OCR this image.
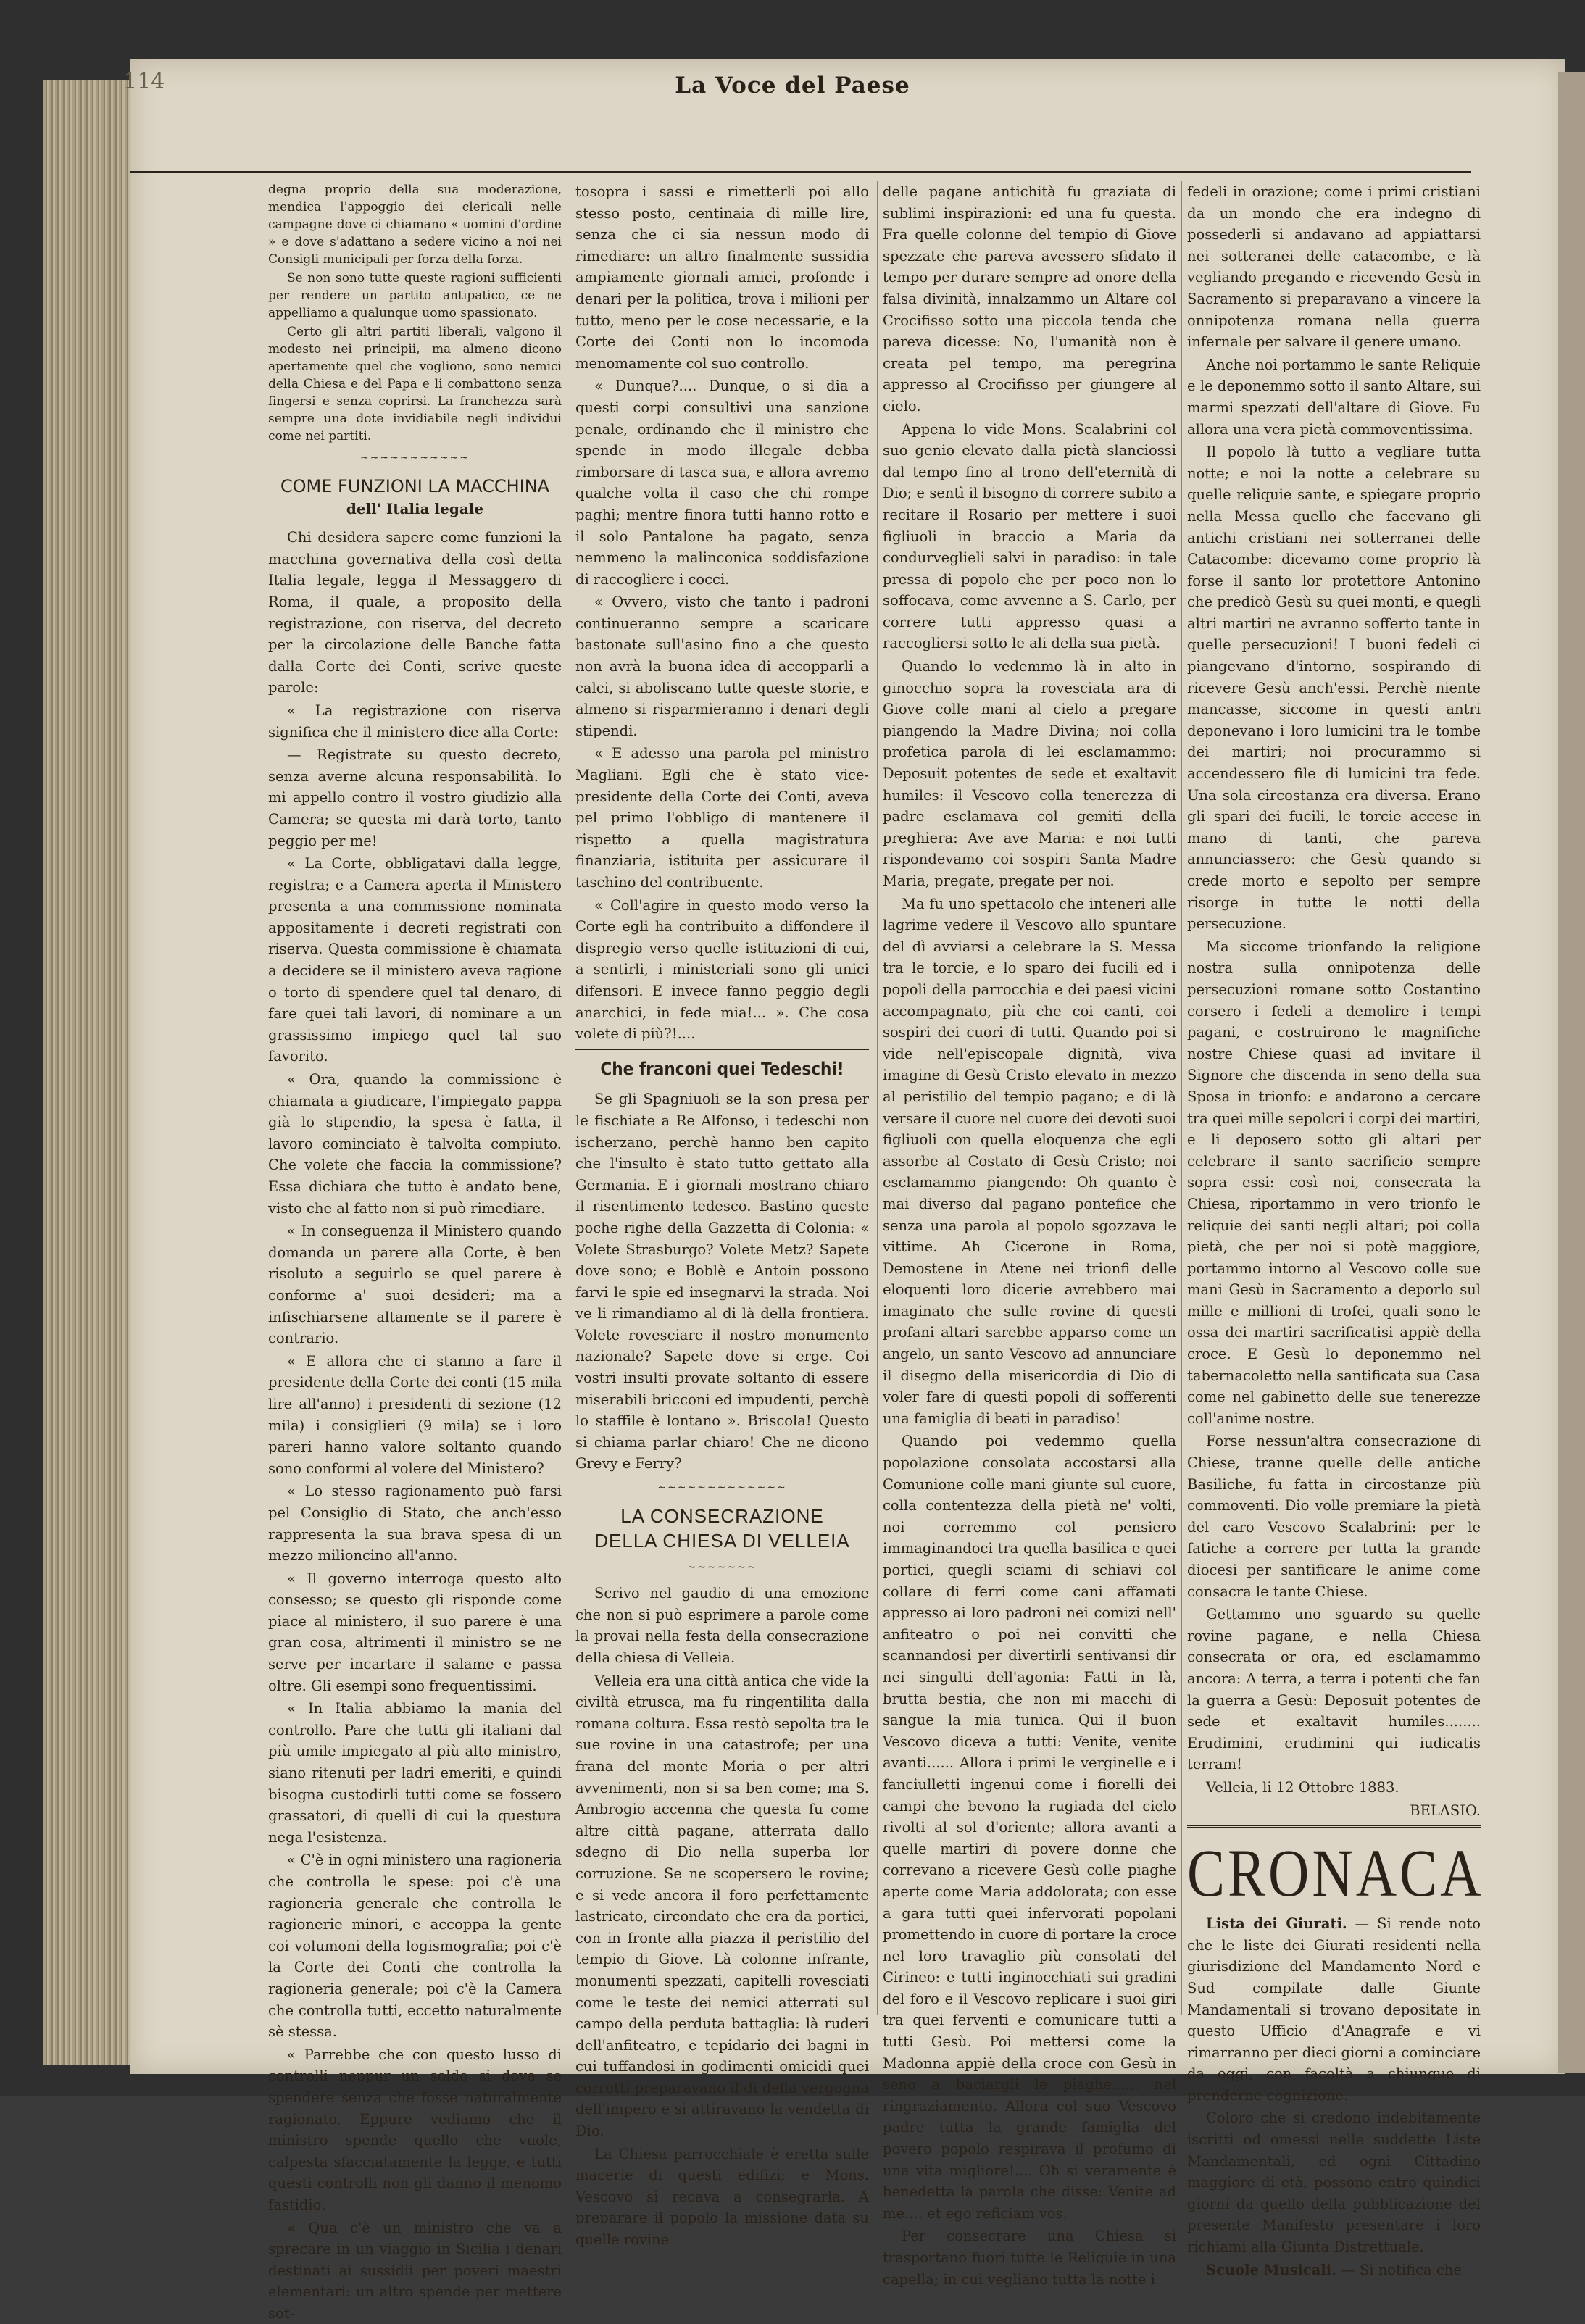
114	La Voce del Paese

degna proprio della sua moderazione, mendica l'appoggio dei clericali nelle campagne dove ci chiamano « uomini d'ordine » e dove s'adattano a sedere vicino a noi nei Consigli municipali per forza della forza.

Se non sono tutte queste ragioni sufficienti per rendere un partito antipatico, ce ne appelliamo a qualunque uomo spassionato.

Certo gli altri partiti liberali, valgono il modesto nei principii, ma almeno dicono apertamente quel che vogliono, sono nemici della Chiesa e del Papa e li combattono senza fingersi e senza coprirsi. La franchezza sarà sempre una dote invidiabile negli individui come nei partiti.

~~~~~~~~~~~
COME FUNZIONI LA MACCHINA
dell' Italia legale

Chi desidera sapere come funzioni la macchina governativa della così detta Italia legale, legga il Messaggero di Roma, il quale, a proposito della registrazione, con riserva, del decreto per la circolazione delle Banche fatta dalla Corte dei Conti, scrive queste parole:

« La registrazione con riserva significa che il ministero dice alla Corte:

— Registrate su questo decreto, senza averne alcuna responsabilità. Io mi appello contro il vostro giudizio alla Camera; se questa mi darà torto, tanto peggio per me!

« La Corte, obbligatavi dalla legge, registra; e a Camera aperta il Ministero presenta a una commissione nominata appositamente i decreti registrati con riserva. Questa commissione è chiamata a decidere se il ministero aveva ragione o torto di spendere quel tal denaro, di fare quei tali lavori, di nominare a un grassissimo impiego quel tal suo favorito.

« Ora, quando la commissione è chiamata a giudicare, l'impiegato pappa già lo stipendio, la spesa è fatta, il lavoro cominciato è talvolta compiuto. Che volete che faccia la commissione? Essa dichiara che tutto è andato bene, visto che al fatto non si può rimediare.

« In conseguenza il Ministero quando domanda un parere alla Corte, è ben risoluto a seguirlo se quel parere è conforme a' suoi desideri; ma a infischiarsene altamente se il parere è contrario.

« E allora che ci stanno a fare il presidente della Corte dei conti (15 mila lire all'anno) i presidenti di sezione (12 mila) i consiglieri (9 mila) se i loro pareri hanno valore soltanto quando sono conformi al volere del Ministero?

« Lo stesso ragionamento può farsi pel Consiglio di Stato, che anch'esso rappresenta la sua brava spesa di un mezzo milioncino all'anno.

« Il governo interroga questo alto consesso; se questo gli risponde come piace al ministero, il suo parere è una gran cosa, altrimenti il ministro se ne serve per incartare il salame e passa oltre. Gli esempi sono frequentissimi.

« In Italia abbiamo la mania del controllo. Pare che tutti gli italiani dal più umile impiegato al più alto ministro, siano ritenuti per ladri emeriti, e quindi bisogna custodirli tutti come se fossero grassatori, di quelli di cui la questura nega l'esistenza.

« C'è in ogni ministero una ragioneria che controlla le spese: poi c'è una ragioneria generale che controlla le ragionerie minori, e accoppa la gente coi volumoni della logismografia; poi c'è la Corte dei Conti che controlla la ragioneria generale; poi c'è la Camera che controlla tutti, eccetto naturalmente sè stessa.

« Parrebbe che con questo lusso di controlli neppur un soldo si dove se spendere senza che fosse naturalmente ragionato. Eppure vediamo che il ministro spende quello che vuole, calpesta sfacciatamente la legge, e tutti questi controlli non gli danno il menomo fastidio.

« Qua c'è un ministro che va a sprecare in un viaggio in Sicilia i denari destinati ai sussidii per poveri maestri elementari: un altro spende per mettere sot-

tosopra i sassi e rimetterli poi allo stesso posto, centinaia di mille lire, senza che ci sia nessun modo di rimediare: un altro finalmente sussidia ampiamente giornali amici, profonde i denari per la politica, trova i milioni per tutto, meno per le cose necessarie, e la Corte dei Conti non lo incomoda menomamente col suo controllo.

« Dunque?.... Dunque, o si dia a questi corpi consultivi una sanzione penale, ordinando che il ministro che spende in modo illegale debba rimborsare di tasca sua, e allora avremo qualche volta il caso che chi rompe paghi; mentre finora tutti hanno rotto e il solo Pantalone ha pagato, senza nemmeno la malinconica soddisfazione di raccogliere i cocci.

« Ovvero, visto che tanto i padroni continueranno sempre a scaricare bastonate sull'asino fino a che questo non avrà la buona idea di accopparli a calci, si aboliscano tutte queste storie, e almeno si risparmieranno i denari degli stipendi.

« E adesso una parola pel ministro Magliani. Egli che è stato vice-presidente della Corte dei Conti, aveva pel primo l'obbligo di mantenere il rispetto a quella magistratura finanziaria, istituita per assicurare il taschino del contribuente.

« Coll'agire in questo modo verso la Corte egli ha contribuito a diffondere il dispregio verso quelle istituzioni di cui, a sentirli, i ministeriali sono gli unici difensori. E invece fanno peggio degli anarchici, in fede mia!... ». Che cosa volete di più?!....

Che franconi quei Tedeschi!

Se gli Spagniuoli se la son presa per le fischiate a Re Alfonso, i tedeschi non ischerzano, perchè hanno ben capito che l'insulto è stato tutto gettato alla Germania. E i giornali mostrano chiaro il risentimento tedesco. Bastino queste poche righe della Gazzetta di Colonia: « Volete Strasburgo? Volete Metz? Sapete dove sono; e Boblè e Antoin possono farvi le spie ed insegnarvi la strada. Noi ve li rimandiamo al di là della frontiera. Volete rovesciare il nostro monumento nazionale? Sapete dove si erge. Coi vostri insulti provate soltanto di essere miserabili bricconi ed impudenti, perchè lo staffile è lontano ». Briscola! Questo si chiama parlar chiaro! Che ne dicono Grevy e Ferry?

~~~~~~~~~~~~~
LA CONSECRAZIONE
DELLA CHIESA DI VELLEIA
~~~~~~~

Scrivo nel gaudio di una emozione che non si può esprimere a parole come la provai nella festa della consecrazione della chiesa di Velleia.

Velleia era una città antica che vide la civiltà etrusca, ma fu ringentilita dalla romana coltura. Essa restò sepolta tra le sue rovine in una catastrofe; per una frana del monte Moria o per altri avvenimenti, non si sa ben come; ma S. Ambrogio accenna che questa fu come altre città pagane, atterrata dallo sdegno di Dio nella superba lor corruzione. Se ne scopersero le rovine; e si vede ancora il foro perfettamente lastricato, circondato che era da portici, con in fronte alla piazza il peristilio del tempio di Giove. Là colonne infrante, monumenti spezzati, capitelli rovesciati come le teste dei nemici atterrati sul campo della perduta battaglia: là ruderi dell'anfiteatro, e tepidario dei bagni in cui tuffandosi in godimenti omicidi quei corrotti preparavano il dì della vergogna dell'impero e si attiravano la vendetta di Dio.

La Chiesa parrocchiale è eretta sulle macerie di questi edifizi; e Mons. Vescovo si recava a consegrarla. A preparare il popolo la missione data su quelle rovine

delle pagane antichità fu graziata di sublimi inspirazioni: ed una fu questa. Fra quelle colonne del tempio di Giove spezzate che pareva avessero sfidato il tempo per durare sempre ad onore della falsa divinità, innalzammo un Altare col Crocifisso sotto una piccola tenda che pareva dicesse: No, l'umanità non è creata pel tempo, ma peregrina appresso al Crocifisso per giungere al cielo.

Appena lo vide Mons. Scalabrini col suo genio elevato dalla pietà slanciossi dal tempo fino al trono dell'eternità di Dio; e sentì il bisogno di correre subito a recitare il Rosario per mettere i suoi figliuoli in braccio a Maria da condurveglieli salvi in paradiso: in tale pressa di popolo che per poco non lo soffocava, come avvenne a S. Carlo, per correre tutti appresso quasi a raccogliersi sotto le ali della sua pietà.

Quando lo vedemmo là in alto in ginocchio sopra la rovesciata ara di Giove colle mani al cielo a pregare piangendo la Madre Divina; noi colla profetica parola di lei esclamammo: Deposuit potentes de sede et exaltavit humiles: il Vescovo colla tenerezza di padre esclamava col gemiti della preghiera: Ave ave Maria: e noi tutti rispondevamo coi sospiri Santa Madre Maria, pregate, pregate per noi.

Ma fu uno spettacolo che inteneri alle lagrime vedere il Vescovo allo spuntare del dì avviarsi a celebrare la S. Messa tra le torcie, e lo sparo dei fucili ed i popoli della parrocchia e dei paesi vicini accompagnato, più che coi canti, coi sospiri dei cuori di tutti. Quando poi si vide nell'episcopale dignità, viva imagine di Gesù Cristo elevato in mezzo al peristilio del tempio pagano; e di là versare il cuore nel cuore dei devoti suoi figliuoli con quella eloquenza che egli assorbe al Costato di Gesù Cristo; noi esclamammo piangendo: Oh quanto è mai diverso dal pagano pontefice che senza una parola al popolo sgozzava le vittime. Ah Cicerone in Roma, Demostene in Atene nei trionfi delle eloquenti loro dicerie avrebbero mai imaginato che sulle rovine di questi profani altari sarebbe apparso come un angelo, un santo Vescovo ad annunciare il disegno della misericordia di Dio di voler fare di questi popoli di sofferenti una famiglia di beati in paradiso!

Quando poi vedemmo quella popolazione consolata accostarsi alla Comunione colle mani giunte sul cuore, colla contentezza della pietà ne' volti, noi corremmo col pensiero immaginandoci tra quella basilica e quei portici, quegli sciami di schiavi col collare di ferri come cani affamati appresso ai loro padroni nei comizi nell' anfiteatro o poi nei convitti che scannandosi per divertirli sentivansi dir nei singulti dell'agonia: Fatti in là, brutta bestia, che non mi macchi di sangue la mia tunica. Qui il buon Vescovo diceva a tutti: Venite, venite avanti...... Allora i primi le verginelle e i fanciulletti ingenui come i fiorelli dei campi che bevono la rugiada del cielo rivolti al sol d'oriente; allora avanti a quelle martiri di povere donne che correvano a ricevere Gesù colle piaghe aperte come Maria addolorata; con esse a gara tutti quei infervorati popolani promettendo in cuore di portare la croce nel loro travaglio più consolati del Cirineo: e tutti inginocchiati sui gradini del foro e il Vescovo replicare i suoi giri tra quei ferventi e comunicare tutti a tutti Gesù. Poi mettersi come la Madonna appiè della croce con Gesù in seno a baciargli le piaghe...... nel ringraziamento. Allora col suo Vescovo padre tutta la grande famiglia del povero popolo respirava il profumo di una vita migliore!.... Oh si veramente è benedetta la parola che disse: Venite ad me.... et ego reficiam vos.

Per consecrare una Chiesa si trasportano fuori tutte le Reliquie in una capella; in cui vegliano tutta la notte i

fedeli in orazione; come i primi cristiani da un mondo che era indegno di possederli si andavano ad appiattarsi nei sotteranei delle catacombe, e là vegliando pregando e ricevendo Gesù in Sacramento si preparavano a vincere la onnipotenza romana nella guerra infernale per salvare il genere umano.

Anche noi portammo le sante Reliquie e le deponemmo sotto il santo Altare, sui marmi spezzati dell'altare di Giove. Fu allora una vera pietà commoventissima.

Il popolo là tutto a vegliare tutta notte; e noi la notte a celebrare su quelle reliquie sante, e spiegare proprio nella Messa quello che facevano gli antichi cristiani nei sotterranei delle Catacombe: dicevamo come proprio là forse il santo lor protettore Antonino che predicò Gesù su quei monti, e quegli altri martiri ne avranno sofferto tante in quelle persecuzioni! I buoni fedeli ci piangevano d'intorno, sospirando di ricevere Gesù anch'essi. Perchè niente mancasse, siccome in questi antri deponevano i loro lumicini tra le tombe dei martiri; noi procurammo si accendessero file di lumicini tra fede. Una sola circostanza era diversa. Erano gli spari dei fucili, le torcie accese in mano di tanti, che pareva annunciassero: che Gesù quando si crede morto e sepolto per sempre risorge in tutte le notti della persecuzione.

Ma siccome trionfando la religione nostra sulla onnipotenza delle persecuzioni romane sotto Costantino corsero i fedeli a demolire i tempi pagani, e costruirono le magnifiche nostre Chiese quasi ad invitare il Signore che discenda in seno della sua Sposa in trionfo: e andarono a cercare tra quei mille sepolcri i corpi dei martiri, e li deposero sotto gli altari per celebrare il santo sacrificio sempre sopra essi: così noi, consecrata la Chiesa, riportammo in vero trionfo le reliquie dei santi negli altari; poi colla pietà, che per noi si potè maggiore, portammo intorno al Vescovo colle sue mani Gesù in Sacramento a deporlo sul mille e millioni di trofei, quali sono le ossa dei martiri sacrificatisi appiè della croce. E Gesù lo deponemmo nel tabernacoletto nella santificata sua Casa come nel gabinetto delle sue tenerezze coll'anime nostre.

Forse nessun'altra consecrazione di Chiese, tranne quelle delle antiche Basiliche, fu fatta in circostanze più commoventi. Dio volle premiare la pietà del caro Vescovo Scalabrini: per le fatiche a correre per tutta la grande diocesi per santificare le anime come consacra le tante Chiese.

Gettammo uno sguardo su quelle rovine pagane, e nella Chiesa consecrata or ora, ed esclamammo ancora: A terra, a terra i potenti che fan la guerra a Gesù: Deposuit potentes de sede et exaltavit humiles........ Erudimini, erudimini qui iudicatis terram!

Velleia, li 12 Ottobre 1883.

BELASIO.

CRONACA

Lista dei Giurati. — Si rende noto che le liste dei Giurati residenti nella giurisdizione del Mandamento Nord e Sud compilate dalle Giunte Mandamentali si trovano depositate in questo Ufficio d'Anagrafe e vi rimarranno per dieci giorni a cominciare da oggi, con facoltà a chiunque di prenderne cognizione.

Coloro che si credono indebitamente iscritti od omessi nelle suddette Liste Mandamentali, ed ogni Cittadino maggiore di età, possono entro quindici giorni da quello della pubblicazione del presente Manifesto presentare i loro richiami alla Giunta Distrettuale.

Scuole Musicali. — Si notifica che
